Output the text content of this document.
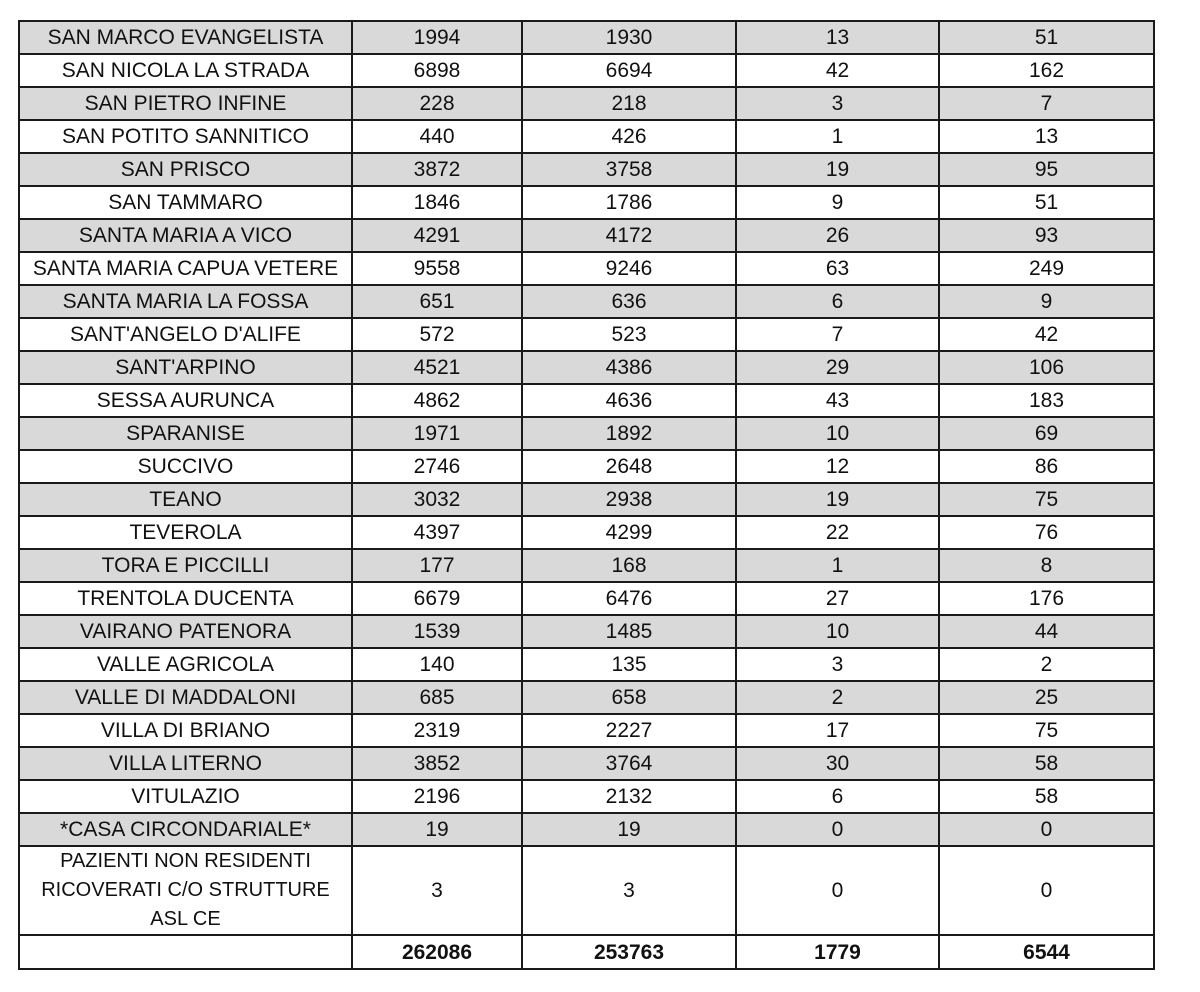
SAN MARCO EVANGELISTA	1994	1930	13	51
SAN NICOLA LA STRADA	6898	6694	42	162
SAN PIETRO INFINE	228	218	3	7
SAN POTITO SANNITICO	440	426	1	13
SAN PRISCO	3872	3758	19	95
SAN TAMMARO	1846	1786	9	51
SANTA MARIA A VICO	4291	4172	26	93
SANTA MARIA CAPUA VETERE	9558	9246	63	249
SANTA MARIA LA FOSSA	651	636	6	9
SANT'ANGELO D'ALIFE	572	523	7	42
SANT'ARPINO	4521	4386	29	106
SESSA AURUNCA	4862	4636	43	183
SPARANISE	1971	1892	10	69
SUCCIVO	2746	2648	12	86
TEANO	3032	2938	19	75
TEVEROLA	4397	4299	22	76
TORA E PICCILLI	177	168	1	8
TRENTOLA DUCENTA	6679	6476	27	176
VAIRANO PATENORA	1539	1485	10	44
VALLE AGRICOLA	140	135	3	2
VALLE DI MADDALONI	685	658	2	25
VILLA DI BRIANO	2319	2227	17	75
VILLA LITERNO	3852	3764	30	58
VITULAZIO	2196	2132	6	58
*CASA CIRCONDARIALE*	19	19	0	0
PAZIENTI NON RESIDENTI RICOVERATI C/O STRUTTURE ASL CE	3	3	0	0
	262086	253763	1779	6544
